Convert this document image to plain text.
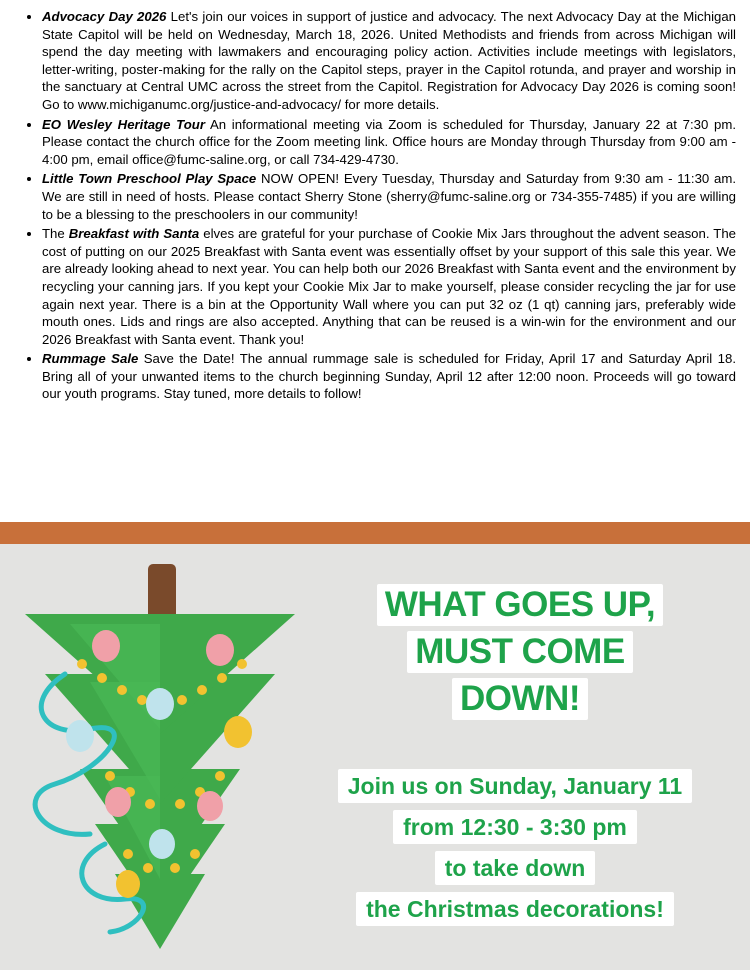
• Advocacy Day 2026 Let's join our voices in support of justice and advocacy. The next Advocacy Day at the Michigan State Capitol will be held on Wednesday, March 18, 2026. United Methodists and friends from across Michigan will spend the day meeting with lawmakers and encouraging policy action. Activities include meetings with legislators, letter-writing, poster-making for the rally on the Capitol steps, prayer in the Capitol rotunda, and prayer and worship in the sanctuary at Central UMC across the street from the Capitol. Registration for Advocacy Day 2026 is coming soon! Go to www.michiganumc.org/justice-and-advocacy/ for more details.
• EO Wesley Heritage Tour An informational meeting via Zoom is scheduled for Thursday, January 22 at 7:30 pm. Please contact the church office for the Zoom meeting link. Office hours are Monday through Thursday from 9:00 am - 4:00 pm, email office@fumc-saline.org, or call 734-429-4730.
• Little Town Preschool Play Space NOW OPEN! Every Tuesday, Thursday and Saturday from 9:30 am - 11:30 am. We are still in need of hosts. Please contact Sherry Stone (sherry@fumc-saline.org or 734-355-7485) if you are willing to be a blessing to the preschoolers in our community!
• The Breakfast with Santa elves are grateful for your purchase of Cookie Mix Jars throughout the advent season. The cost of putting on our 2025 Breakfast with Santa event was essentially offset by your support of this sale this year. We are already looking ahead to next year. You can help both our 2026 Breakfast with Santa event and the environment by recycling your canning jars. If you kept your Cookie Mix Jar to make yourself, please consider recycling the jar for use again next year. There is a bin at the Opportunity Wall where you can put 32 oz (1 qt) canning jars, preferably wide mouth ones. Lids and rings are also accepted. Anything that can be reused is a win-win for the environment and our 2026 Breakfast with Santa event. Thank you!
• Rummage Sale Save the Date! The annual rummage sale is scheduled for Friday, April 17 and Saturday April 18. Bring all of your unwanted items to the church beginning Sunday, April 12 after 12:00 noon. Proceeds will go toward our youth programs. Stay tuned, more details to follow!
WHAT GOES UP,
MUST COME
DOWN!
Join us on Sunday, January 11
from 12:30 - 3:30 pm
to take down
the Christmas decorations!
